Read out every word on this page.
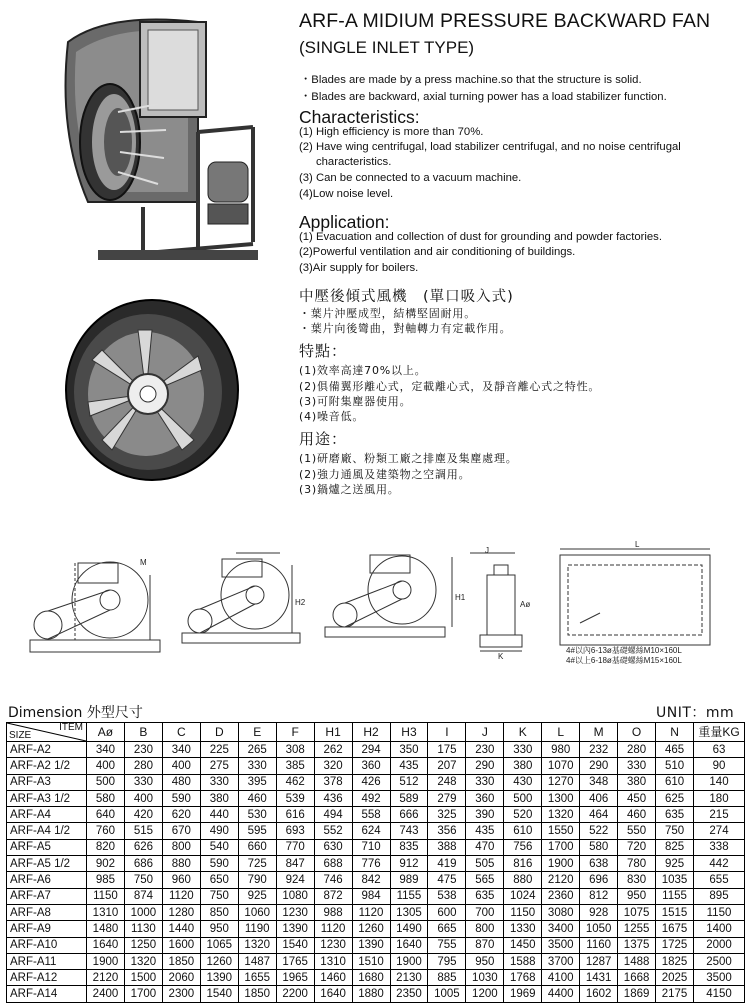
ARF-A MIDIUM PRESSURE BACKWARD FAN
(SINGLE INLET TYPE)
・Blades are made by a press machine.so that the structure is solid.
・Blades are backward, axial turning power has a load stabilizer function.
Characteristics:
(1) High efficiency is more than 70%.
(2) Have wing centrifugal, load stabilizer centrifugal, and no noise centrifugal
characteristics.
(3) Can be connected to a vacuum machine.
(4)Low noise level.
Application:
(1) Evacuation and collection of dust for grounding and powder factories.
(2)Powerful ventilation and air conditioning of buildings.
(3)Air supply for boilers.
中壓後傾式風機　(單口吸入式)
・葉片沖壓成型，結構堅固耐用。
・葉片向後彎曲，對軸轉力有定載作用。
特點：
(1)效率高達70%以上。
(2)俱備翼形離心式，定載離心式，及靜音離心式之特性。
(3)可附集塵器使用。
(4)噪音低。
用途：
(1)研磨廠、粉類工廠之排塵及集塵處理。
(2)強力通風及建築物之空調用。
(3)鍋爐之送風用。
M
H2
H1
Aø
J
K
L
4#以內6-13ø基礎螺絲M10×160L
4#以上6-18ø基礎螺絲M15×160L
Dimension 外型尺寸	UNIT：mm
ITEM
SIZE	Aø	B	C	D	E	F	H1	H2	H3	I	J	K	L	M	O	N	重量KG
ARF-A2	340	230	340	225	265	308	262	294	350	175	230	330	980	232	280	465	63
ARF-A2 1/2	400	280	400	275	330	385	320	360	435	207	290	380	1070	290	330	510	90
ARF-A3	500	330	480	330	395	462	378	426	512	248	330	430	1270	348	380	610	140
ARF-A3 1/2	580	400	590	380	460	539	436	492	589	279	360	500	1300	406	450	625	180
ARF-A4	640	420	620	440	530	616	494	558	666	325	390	520	1320	464	460	635	215
ARF-A4 1/2	760	515	670	490	595	693	552	624	743	356	435	610	1550	522	550	750	274
ARF-A5	820	626	800	540	660	770	630	710	835	388	470	756	1700	580	720	825	338
ARF-A5 1/2	902	686	880	590	725	847	688	776	912	419	505	816	1900	638	780	925	442
ARF-A6	985	750	960	650	790	924	746	842	989	475	565	880	2120	696	830	1035	655
ARF-A7	1150	874	1120	750	925	1080	872	984	1155	538	635	1024	2360	812	950	1155	895
ARF-A8	1310	1000	1280	850	1060	1230	988	1120	1305	600	700	1150	3080	928	1075	1515	1150
ARF-A9	1480	1130	1440	950	1190	1390	1120	1260	1490	665	800	1330	3400	1050	1255	1675	1400
ARF-A10	1640	1250	1600	1065	1320	1540	1230	1390	1640	755	870	1450	3500	1160	1375	1725	2000
ARF-A11	1900	1320	1850	1260	1487	1765	1310	1510	1900	795	950	1588	3700	1287	1488	1825	2500
ARF-A12	2120	1500	2060	1390	1655	1965	1460	1680	2130	885	1030	1768	4100	1431	1668	2025	3500
ARF-A14	2400	1700	2300	1540	1850	2200	1640	1880	2350	1005	1200	1969	4400	1602	1869	2175	4150
